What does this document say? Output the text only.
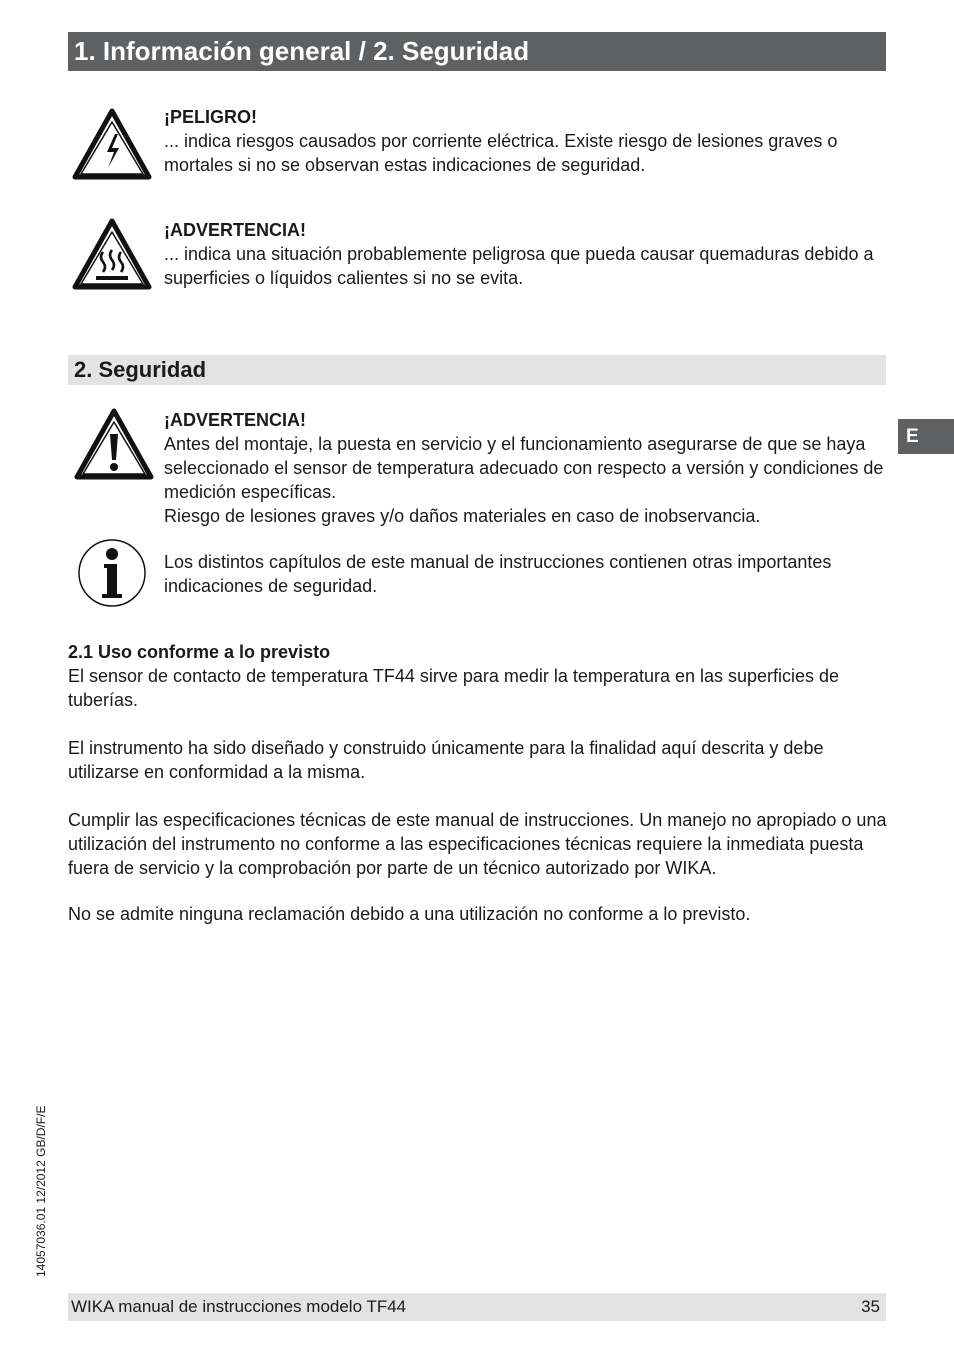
1. Información general / 2. Seguridad
¡PELIGRO!
... indica riesgos causados por corriente eléctrica. Existe riesgo de lesiones graves o mortales si no se observan estas indicaciones de seguridad.
¡ADVERTENCIA!
... indica una situación probablemente peligrosa que pueda causar quemaduras debido a superficies o líquidos calientes si no se evita.
2. Seguridad
E
¡ADVERTENCIA!
Antes del montaje, la puesta en servicio y el funcionamiento asegurarse de que se haya seleccionado el sensor de temperatura adecuado con respecto a versión y condiciones de medición específicas.
Riesgo de lesiones graves y/o daños materiales en caso de inobservancia.
Los distintos capítulos de este manual de instrucciones contienen otras importantes indicaciones de seguridad.
2.1 Uso conforme a lo previsto
El sensor de contacto de temperatura TF44 sirve para medir la temperatura en las superficies de tuberías.
El instrumento ha sido diseñado y construido únicamente para la finalidad aquí descrita y debe utilizarse en conformidad a la misma.
Cumplir las especificaciones técnicas de este manual de instrucciones. Un manejo no apropiado o una utilización del instrumento no conforme a las especificaciones técnicas requiere la inmediata puesta fuera de servicio y la comprobación por parte de un técnico autorizado por WIKA.
No se admite ninguna reclamación debido a una utilización no conforme a lo previsto.
14057036.01 12/2012 GB/D/F/E
WIKA manual de instrucciones modelo TF44	35
